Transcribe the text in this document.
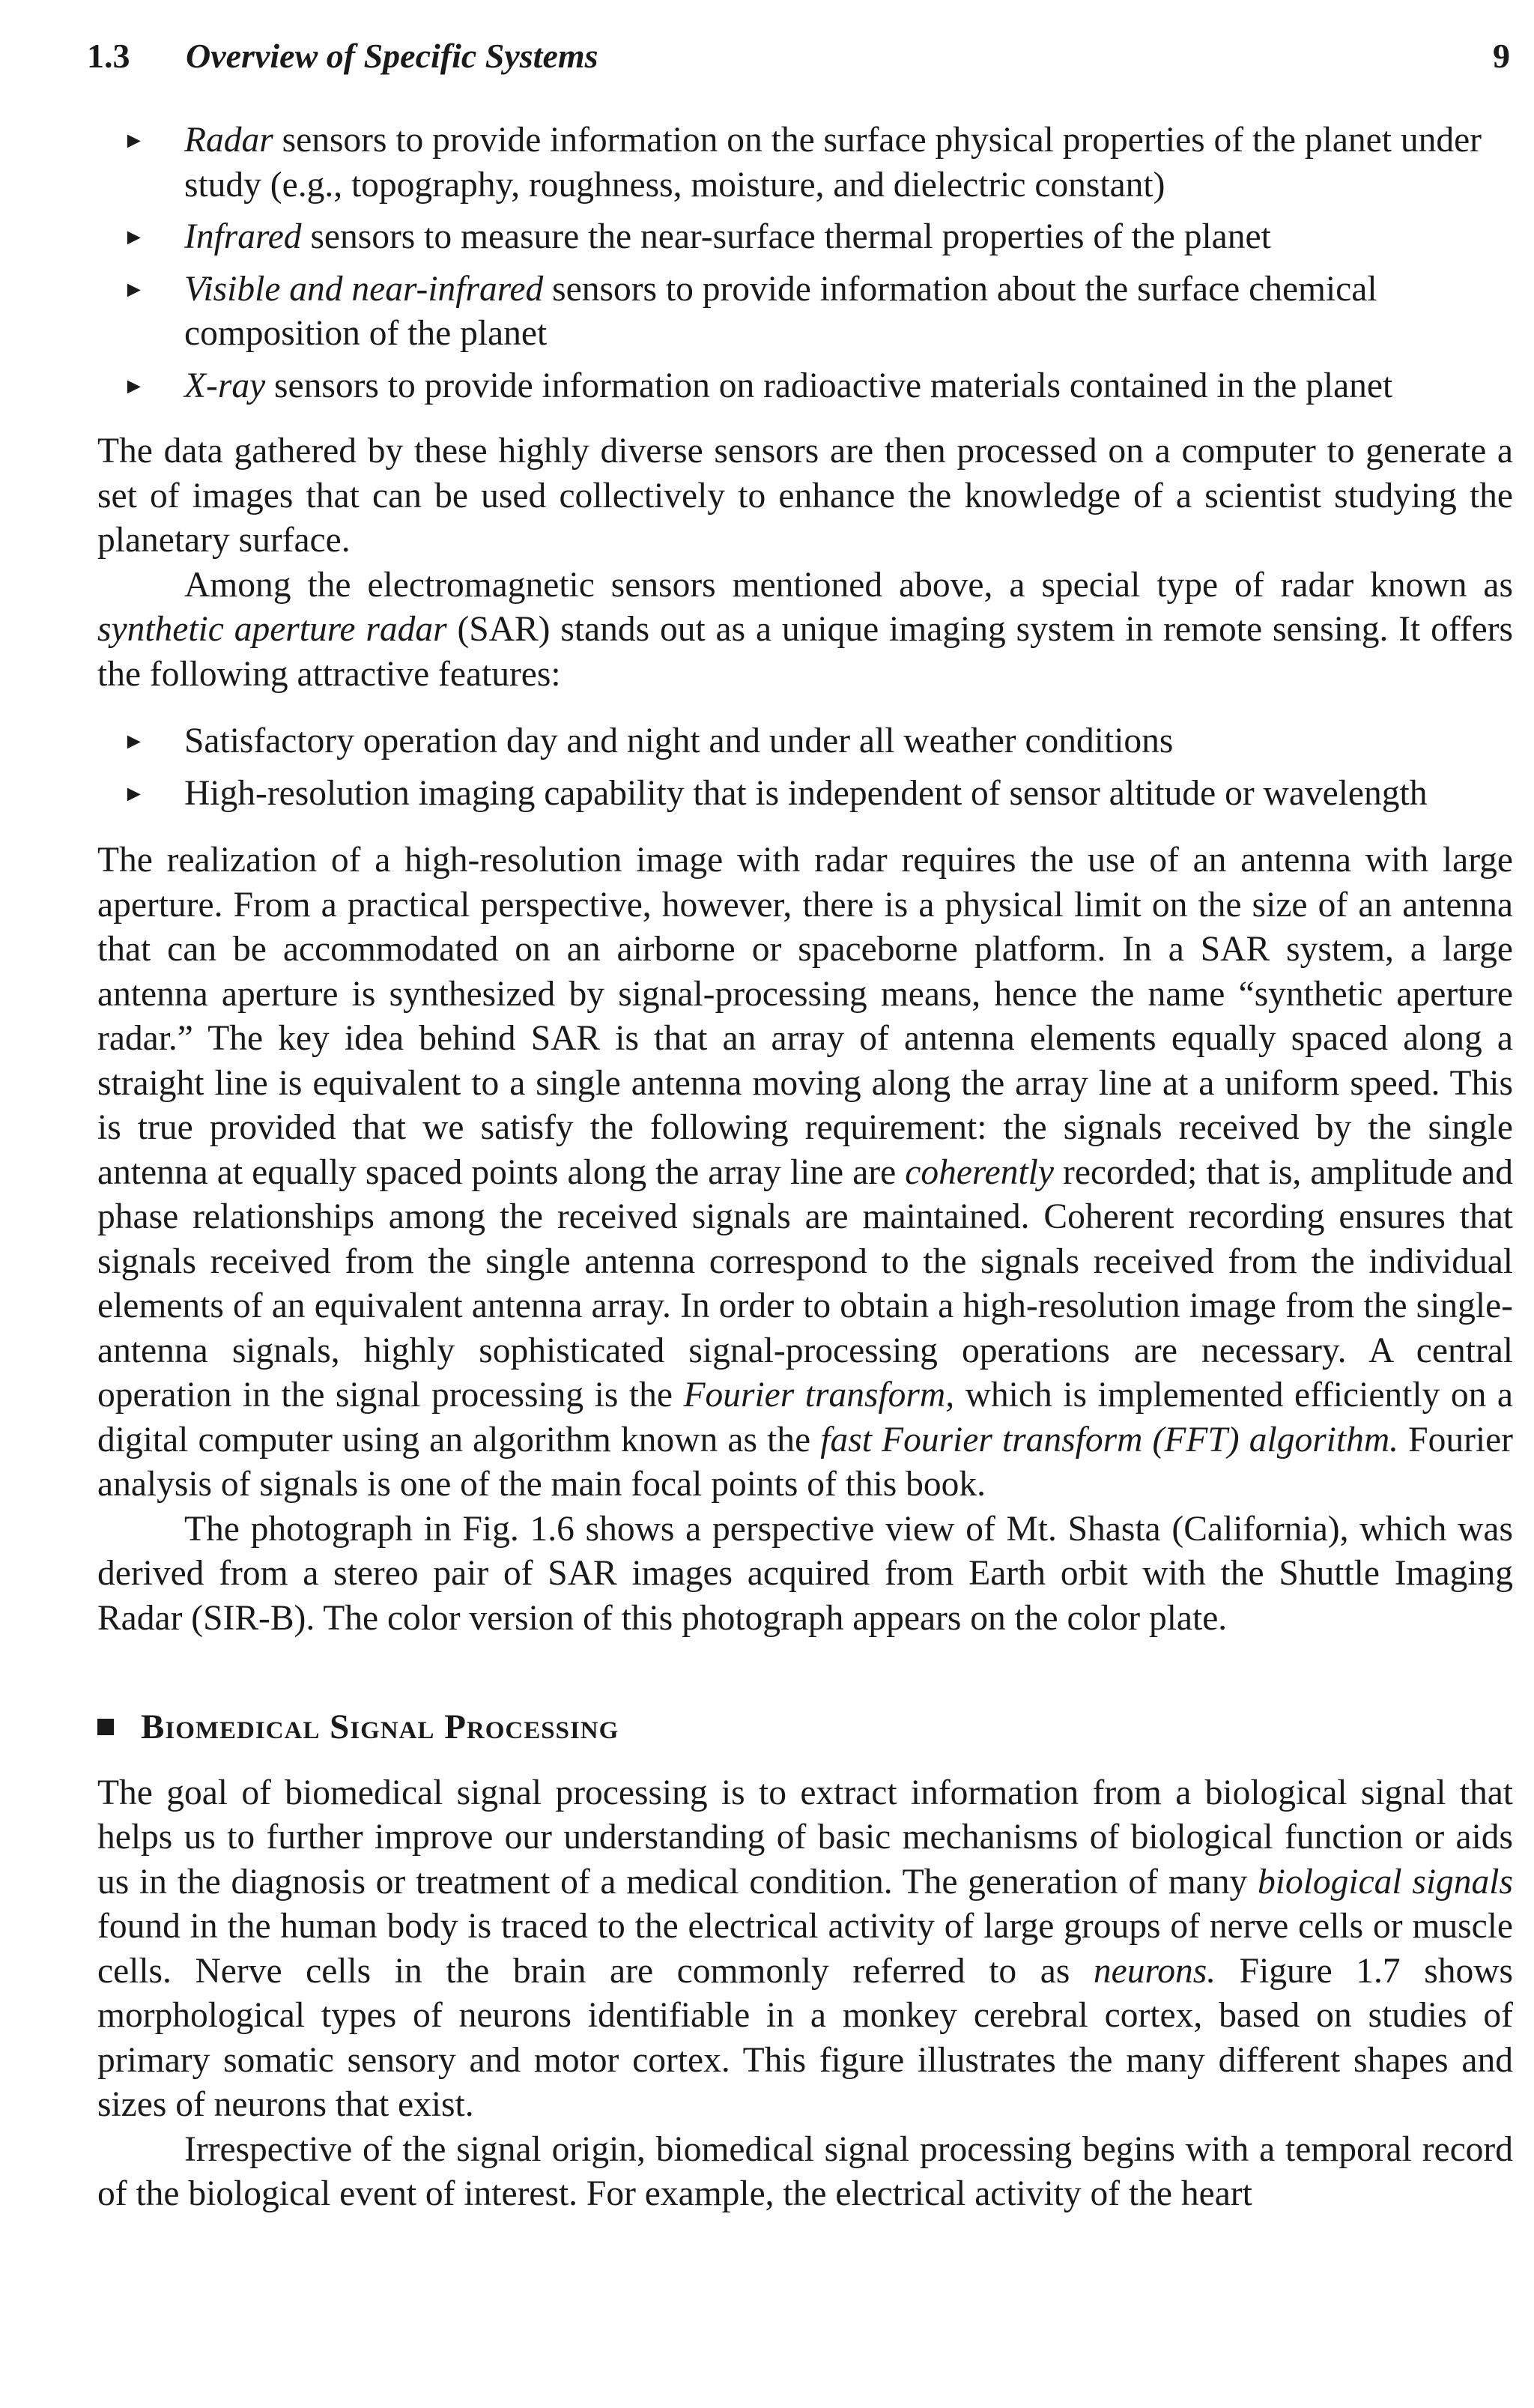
1.3 Overview of Specific Systems	9
► Radar sensors to provide information on the surface physical properties of the planet under study (e.g., topography, roughness, moisture, and dielectric constant)
► Infrared sensors to measure the near-surface thermal properties of the planet
► Visible and near-infrared sensors to provide information about the surface chemical composition of the planet
► X-ray sensors to provide information on radioactive materials contained in the planet

The data gathered by these highly diverse sensors are then processed on a computer to generate a set of images that can be used collectively to enhance the knowledge of a scientist studying the planetary surface.

Among the electromagnetic sensors mentioned above, a special type of radar known as synthetic aperture radar (SAR) stands out as a unique imaging system in remote sensing. It offers the following attractive features:

► Satisfactory operation day and night and under all weather conditions
► High-resolution imaging capability that is independent of sensor altitude or wavelength

The realization of a high-resolution image with radar requires the use of an antenna with large aperture. From a practical perspective, however, there is a physical limit on the size of an antenna that can be accommodated on an airborne or spaceborne platform. In a SAR system, a large antenna aperture is synthesized by signal-processing means, hence the name “synthetic aperture radar.” The key idea behind SAR is that an array of antenna elements equally spaced along a straight line is equivalent to a single antenna moving along the array line at a uniform speed. This is true provided that we satisfy the following requirement: the signals received by the single antenna at equally spaced points along the array line are coherently recorded; that is, amplitude and phase relationships among the received signals are maintained. Coherent recording ensures that signals received from the single antenna correspond to the signals received from the individual elements of an equivalent antenna array. In order to obtain a high-resolution image from the single-antenna signals, highly sophisticated signal-processing operations are necessary. A central operation in the signal processing is the Fourier transform, which is implemented efficiently on a digital computer using an algorithm known as the fast Fourier transform (FFT) algorithm. Fourier analysis of signals is one of the main focal points of this book.

The photograph in Fig. 1.6 shows a perspective view of Mt. Shasta (California), which was derived from a stereo pair of SAR images acquired from Earth orbit with the Shuttle Imaging Radar (SIR-B). The color version of this photograph appears on the color plate.

Biomedical Signal Processing

The goal of biomedical signal processing is to extract information from a biological signal that helps us to further improve our understanding of basic mechanisms of biological function or aids us in the diagnosis or treatment of a medical condition. The generation of many biological signals found in the human body is traced to the electrical activity of large groups of nerve cells or muscle cells. Nerve cells in the brain are commonly referred to as neurons. Figure 1.7 shows morphological types of neurons identifiable in a monkey cerebral cortex, based on studies of primary somatic sensory and motor cortex. This figure illustrates the many different shapes and sizes of neurons that exist.

Irrespective of the signal origin, biomedical signal processing begins with a temporal record of the biological event of interest. For example, the electrical activity of the heart
